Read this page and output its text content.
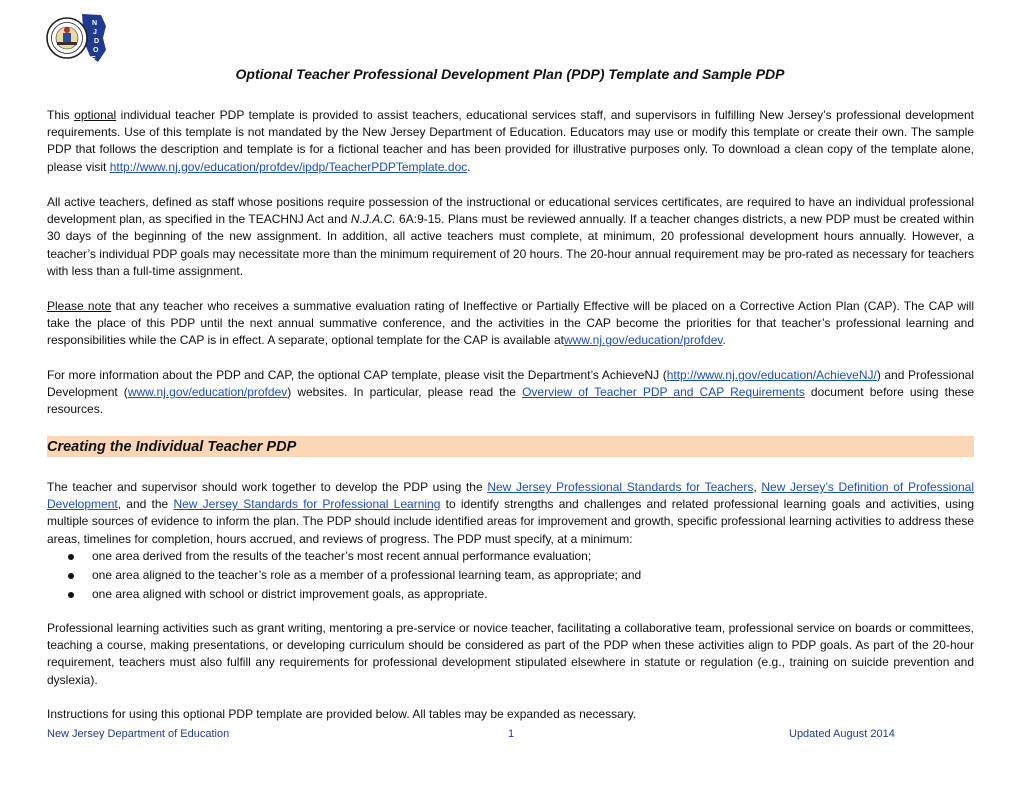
N
J
D
O
E
Optional Teacher Professional Development Plan (PDP) Template and Sample PDP
This optional individual teacher PDP template is provided to assist teachers, educational services staff, and supervisors in fulfilling New Jersey’s professional development requirements. Use of this template is not mandated by the New Jersey Department of Education. Educators may use or modify this template or create their own. The sample PDP that follows the description and template is for a fictional teacher and has been provided for illustrative purposes only. To download a clean copy of the template alone, please visit http://www.nj.gov/education/profdev/ipdp/TeacherPDPTemplate.doc.
All active teachers, defined as staff whose positions require possession of the instructional or educational services certificates, are required to have an individual professional development plan, as specified in the TEACHNJ Act and N.J.A.C. 6A:9-15. Plans must be reviewed annually. If a teacher changes districts, a new PDP must be created within 30 days of the beginning of the new assignment. In addition, all active teachers must complete, at minimum, 20 professional development hours annually. However, a teacher’s individual PDP goals may necessitate more than the minimum requirement of 20 hours. The 20-hour annual requirement may be pro-rated as necessary for teachers with less than a full-time assignment.
Please note that any teacher who receives a summative evaluation rating of Ineffective or Partially Effective will be placed on a Corrective Action Plan (CAP). The CAP will take the place of this PDP until the next annual summative conference, and the activities in the CAP become the priorities for that teacher’s professional learning and responsibilities while the CAP is in effect. A separate, optional template for the CAP is available atwww.nj.gov/education/profdev.
For more information about the PDP and CAP, the optional CAP template, please visit the Department’s AchieveNJ (http://www.nj.gov/education/AchieveNJ/) and Professional Development (www.nj.gov/education/profdev) websites. In particular, please read the Overview of Teacher PDP and CAP Requirements document before using these resources.
Creating the Individual Teacher PDP
The teacher and supervisor should work together to develop the PDP using the New Jersey Professional Standards for Teachers, New Jersey’s Definition of Professional Development, and the New Jersey Standards for Professional Learning to identify strengths and challenges and related professional learning goals and activities, using multiple sources of evidence to inform the plan. The PDP should include identified areas for improvement and growth, specific professional learning activities to address these areas, timelines for completion, hours accrued, and reviews of progress. The PDP must specify, at a minimum:
one area derived from the results of the teacher’s most recent annual performance evaluation;
one area aligned to the teacher’s role as a member of a professional learning team, as appropriate; and
one area aligned with school or district improvement goals, as appropriate.
Professional learning activities such as grant writing, mentoring a pre-service or novice teacher, facilitating a collaborative team, professional service on boards or committees, teaching a course, making presentations, or developing curriculum should be considered as part of the PDP when these activities align to PDP goals. As part of the 20-hour requirement, teachers must also fulfill any requirements for professional development stipulated elsewhere in statute or regulation (e.g., training on suicide prevention and dyslexia).
Instructions for using this optional PDP template are provided below. All tables may be expanded as necessary.
New Jersey Department of Education	1	Updated August 2014
